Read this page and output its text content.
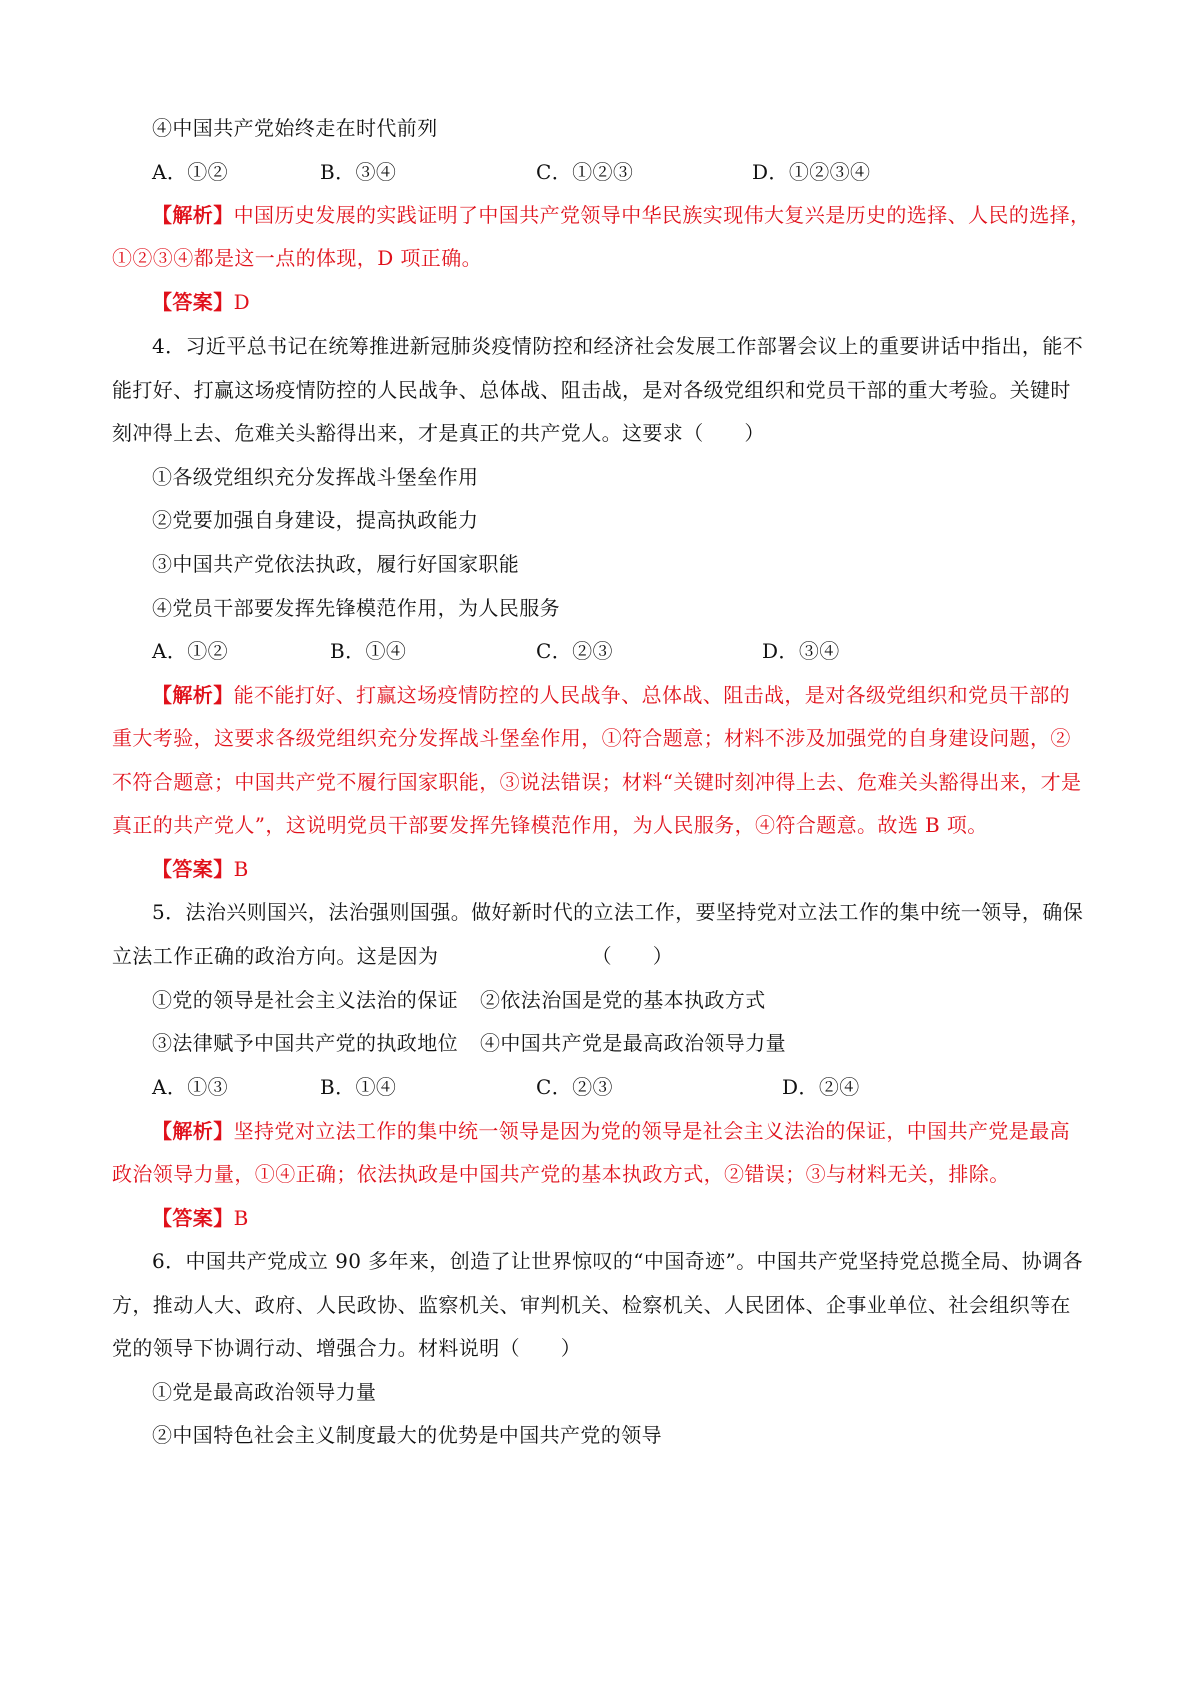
④中国共产党始终走在时代前列
A．①②	B．③④	C．①②③	D．①②③④
【解析】中国历史发展的实践证明了中国共产党领导中华民族实现伟大复兴是历史的选择、人民的选择，
①②③④都是这一点的体现，D 项正确。
【答案】D
4．习近平总书记在统筹推进新冠肺炎疫情防控和经济社会发展工作部署会议上的重要讲话中指出，能不
能打好、打赢这场疫情防控的人民战争、总体战、阻击战，是对各级党组织和党员干部的重大考验。关键时
刻冲得上去、危难关头豁得出来，才是真正的共产党人。这要求（　　）
①各级党组织充分发挥战斗堡垒作用
②党要加强自身建设，提高执政能力
③中国共产党依法执政，履行好国家职能
④党员干部要发挥先锋模范作用，为人民服务
A．①②	B．①④	C．②③	D．③④
【解析】能不能打好、打赢这场疫情防控的人民战争、总体战、阻击战，是对各级党组织和党员干部的
重大考验，这要求各级党组织充分发挥战斗堡垒作用，①符合题意；材料不涉及加强党的自身建设问题，②
不符合题意；中国共产党不履行国家职能，③说法错误；材料“关键时刻冲得上去、危难关头豁得出来，才是
真正的共产党人”，这说明党员干部要发挥先锋模范作用，为人民服务，④符合题意。故选 B 项。
【答案】B
5．法治兴则国兴，法治强则国强。做好新时代的立法工作，要坚持党对立法工作的集中统一领导，确保
立法工作正确的政治方向。这是因为　　　　　　　　（　　）
①党的领导是社会主义法治的保证 ②依法治国是党的基本执政方式
③法律赋予中国共产党的执政地位 ④中国共产党是最高政治领导力量
A．①③	B．①④	C．②③	D．②④
【解析】坚持党对立法工作的集中统一领导是因为党的领导是社会主义法治的保证，中国共产党是最高
政治领导力量，①④正确；依法执政是中国共产党的基本执政方式，②错误；③与材料无关，排除。
【答案】B
6．中国共产党成立 90 多年来，创造了让世界惊叹的“中国奇迹”。中国共产党坚持党总揽全局、协调各
方，推动人大、政府、人民政协、监察机关、审判机关、检察机关、人民团体、企事业单位、社会组织等在
党的领导下协调行动、增强合力。材料说明（　　）
①党是最高政治领导力量
②中国特色社会主义制度最大的优势是中国共产党的领导
